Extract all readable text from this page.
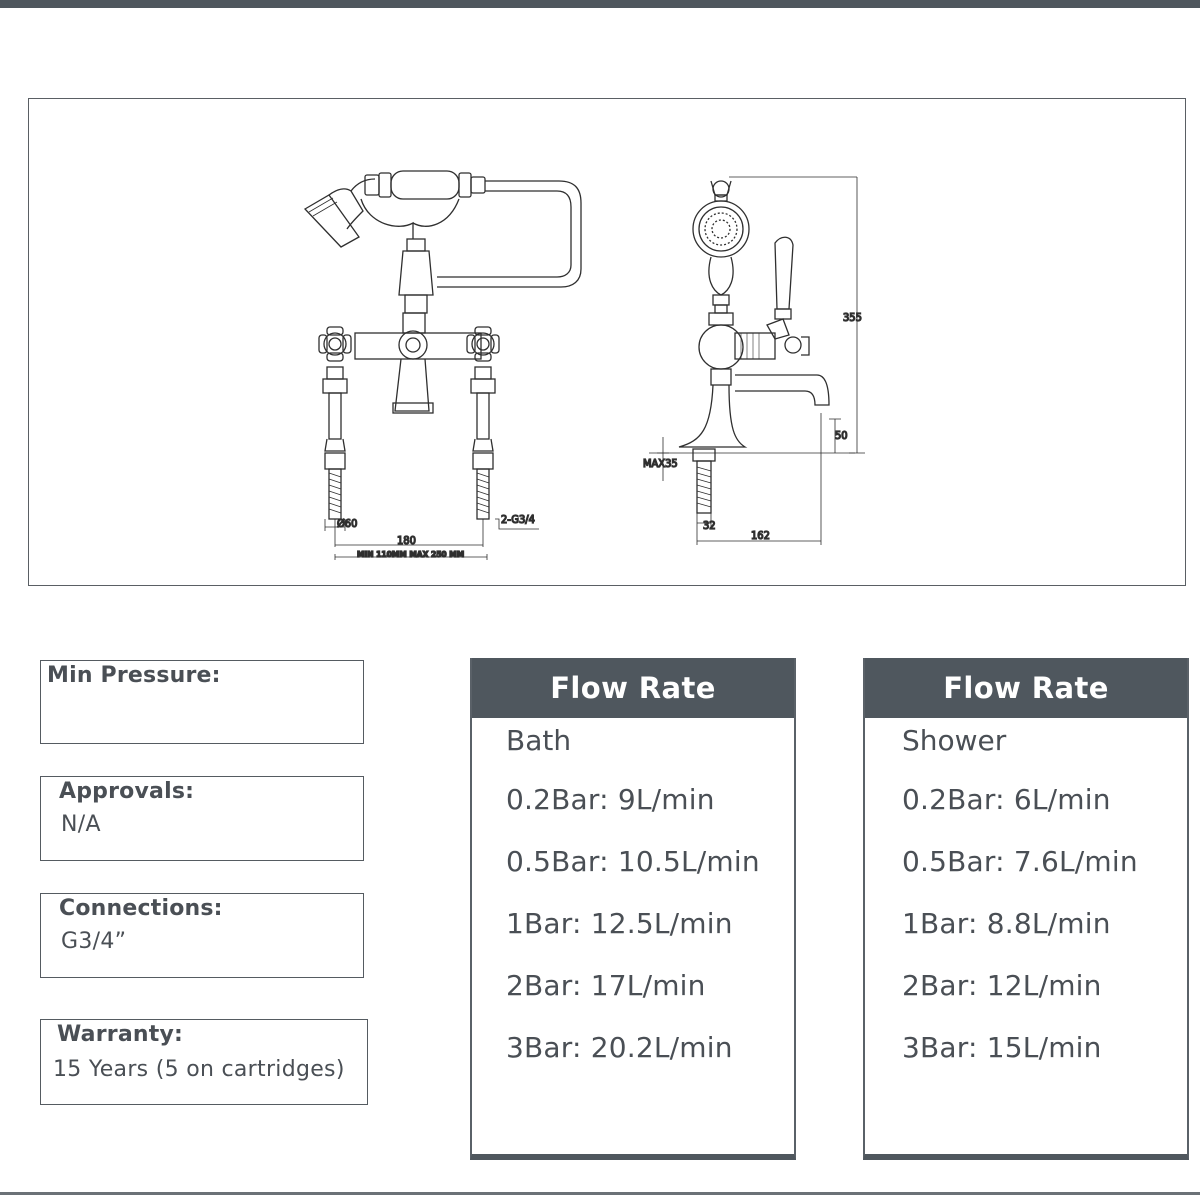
Ø60
180
2-G3/4
MIN 110MM MAX 250 MM
355
50
MAX35
32
162
Min Pressure:
Approvals:
N/A
Connections:
G3/4”
Warranty:
15 Years (5 on cartridges)
Flow Rate
Bath
0.2Bar: 9L/min
0.5Bar: 10.5L/min
1Bar: 12.5L/min
2Bar: 17L/min
3Bar: 20.2L/min
Flow Rate
Shower
0.2Bar: 6L/min
0.5Bar: 7.6L/min
1Bar: 8.8L/min
2Bar: 12L/min
3Bar: 15L/min
